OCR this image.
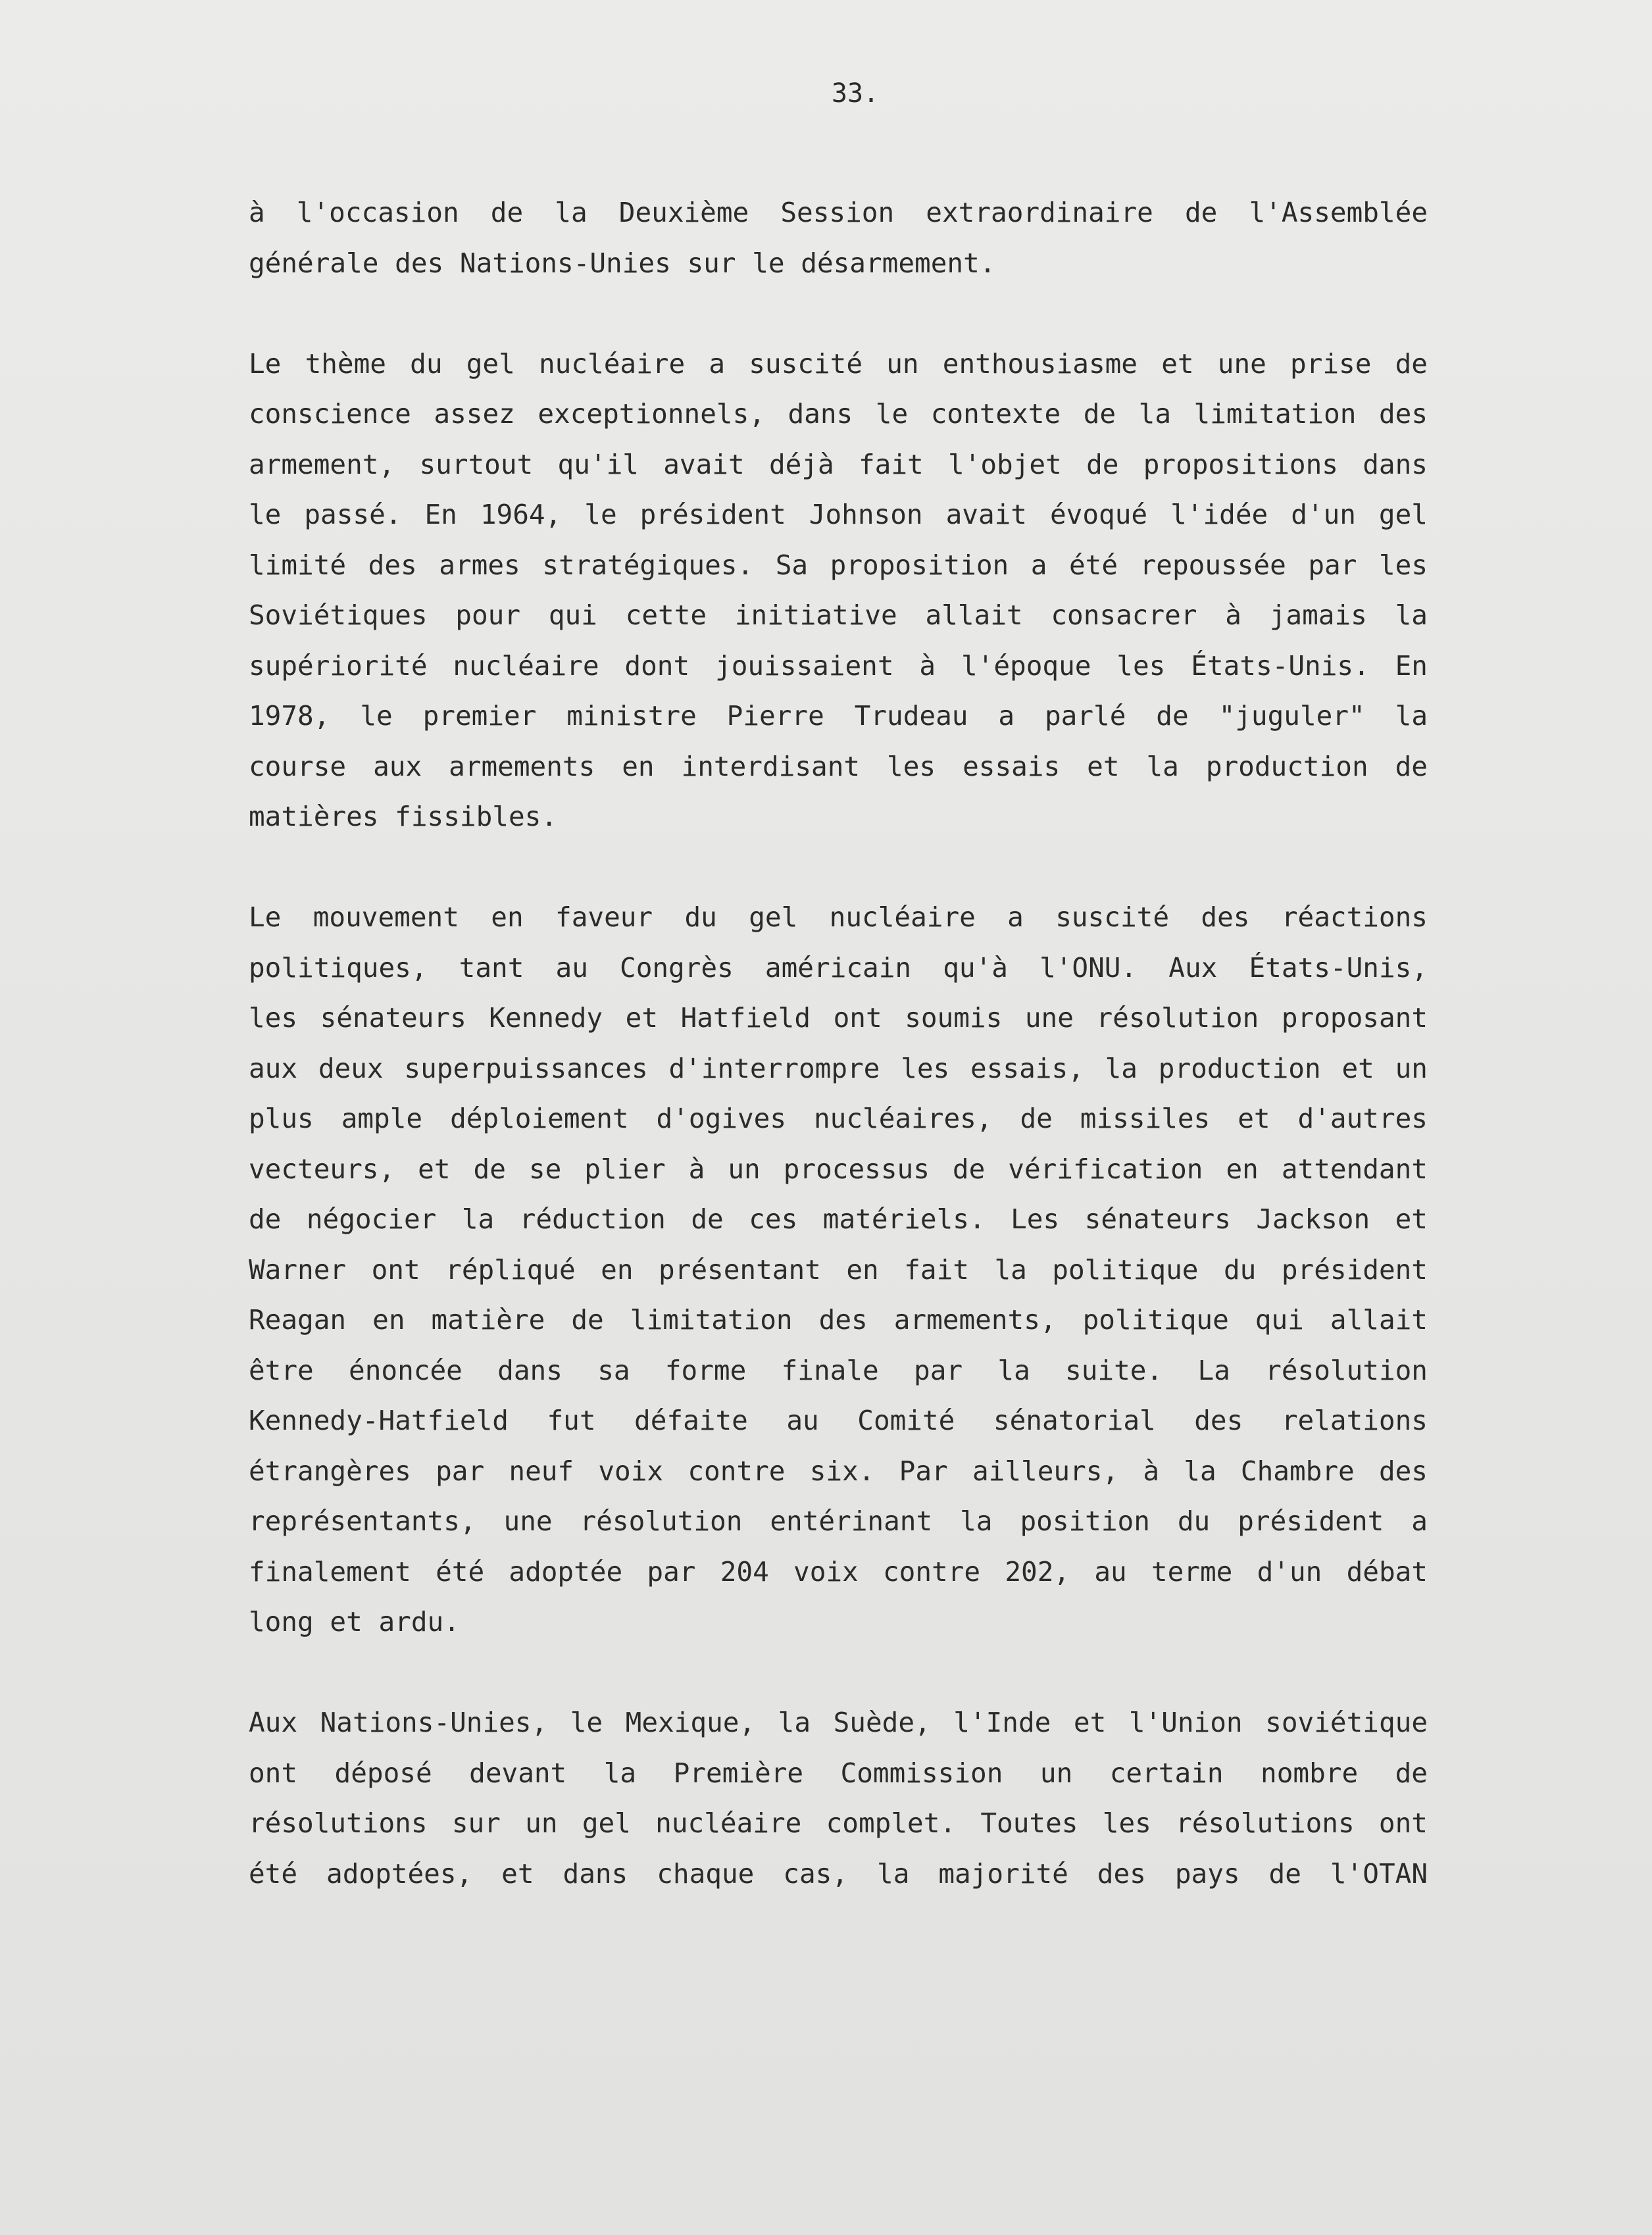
33.
à l'occasion de la Deuxième Session extraordinaire de l'Assemblée
générale des Nations-Unies sur le désarmement.
Le thème du gel nucléaire a suscité un enthousiasme et une prise de
conscience assez exceptionnels, dans le contexte de la limitation des
armement, surtout qu'il avait déjà fait l'objet de propositions dans
le passé. En 1964, le président Johnson avait évoqué l'idée d'un gel
limité des armes stratégiques. Sa proposition a été repoussée par les
Soviétiques pour qui cette initiative allait consacrer à jamais la
supériorité nucléaire dont jouissaient à l'époque les États-Unis. En
1978, le premier ministre Pierre Trudeau a parlé de "juguler" la
course aux armements en interdisant les essais et la production de
matières fissibles.
Le mouvement en faveur du gel nucléaire a suscité des réactions
politiques, tant au Congrès américain qu'à l'ONU. Aux États-Unis,
les sénateurs Kennedy et Hatfield ont soumis une résolution proposant
aux deux superpuissances d'interrompre les essais, la production et un
plus ample déploiement d'ogives nucléaires, de missiles et d'autres
vecteurs, et de se plier à un processus de vérification en attendant
de négocier la réduction de ces matériels. Les sénateurs Jackson et
Warner ont répliqué en présentant en fait la politique du président
Reagan en matière de limitation des armements, politique qui allait
être énoncée dans sa forme finale par la suite. La résolution
Kennedy-Hatfield fut défaite au Comité sénatorial des relations
étrangères par neuf voix contre six. Par ailleurs, à la Chambre des
représentants, une résolution entérinant la position du président a
finalement été adoptée par 204 voix contre 202, au terme d'un débat
long et ardu.
Aux Nations-Unies, le Mexique, la Suède, l'Inde et l'Union soviétique
ont déposé devant la Première Commission un certain nombre de
résolutions sur un gel nucléaire complet. Toutes les résolutions ont
été adoptées, et dans chaque cas, la majorité des pays de l'OTAN
